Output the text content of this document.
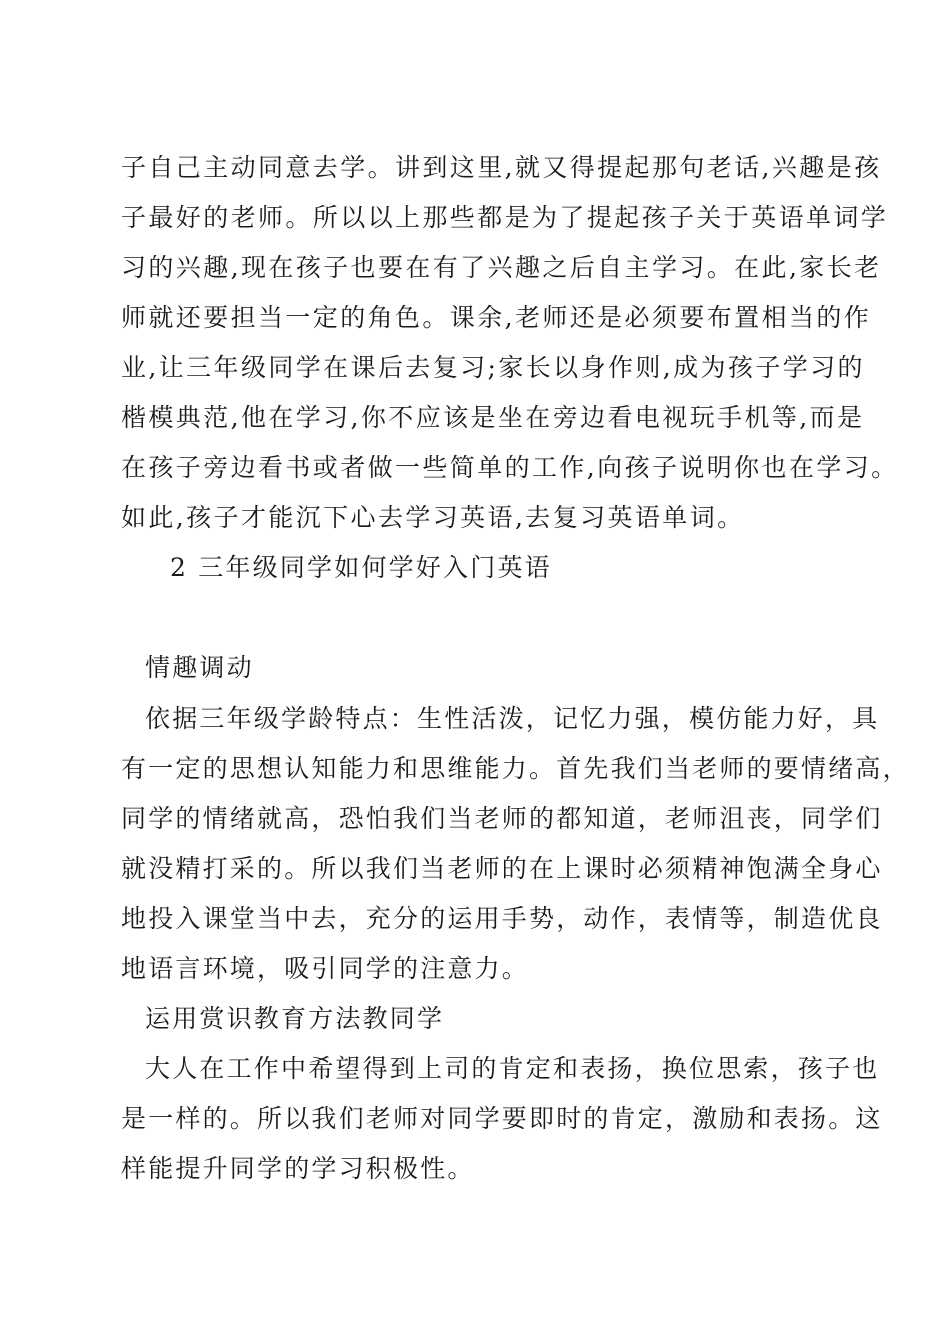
子自己主动同意去学。讲到这里,就又得提起那句老话,兴趣是孩
子最好的老师。所以以上那些都是为了提起孩子关于英语单词学
习的兴趣,现在孩子也要在有了兴趣之后自主学习。在此,家长老
师就还要担当一定的角色。课余,老师还是必须要布置相当的作
业,让三年级同学在课后去复习;家长以身作则,成为孩子学习的
楷模典范,他在学习,你不应该是坐在旁边看电视玩手机等,而是
在孩子旁边看书或者做一些简单的工作,向孩子说明你也在学习。
如此,孩子才能沉下心去学习英语,去复习英语单词。
2 三年级同学如何学好入门英语
情趣调动
依据三年级学龄特点：生性活泼，记忆力强，模仿能力好，具
有一定的思想认知能力和思维能力。首先我们当老师的要情绪高，
同学的情绪就高，恐怕我们当老师的都知道，老师沮丧，同学们
就没精打采的。所以我们当老师的在上课时必须精神饱满全身心
地投入课堂当中去，充分的运用手势，动作，表情等，制造优良
地语言环境，吸引同学的注意力。
运用赏识教育方法教同学
大人在工作中希望得到上司的肯定和表扬，换位思索，孩子也
是一样的。所以我们老师对同学要即时的肯定，激励和表扬。这
样能提升同学的学习积极性。
